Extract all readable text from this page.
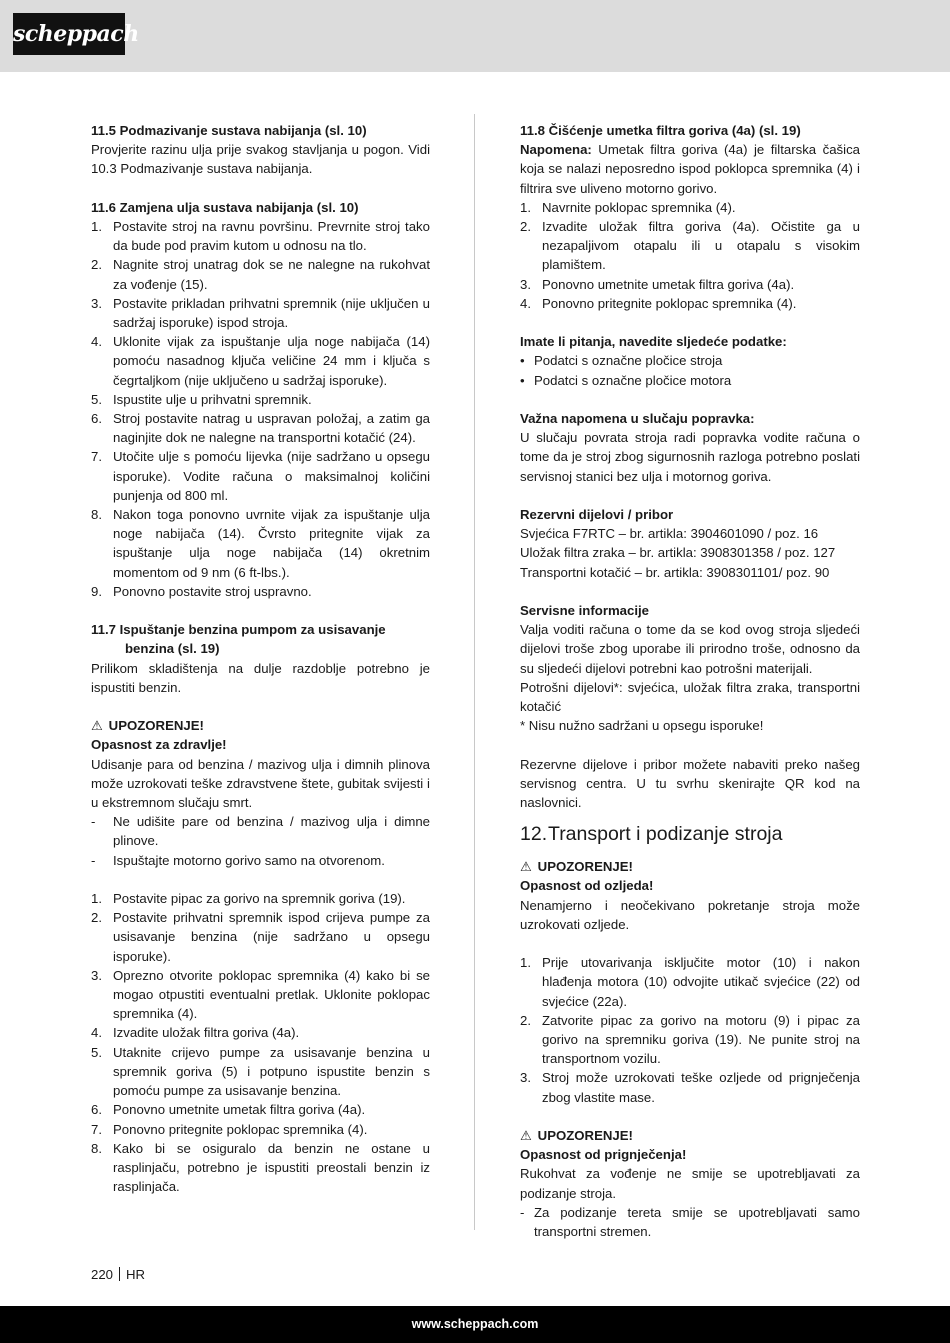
scheppach
11.5 Podmazivanje sustava nabijanja (sl. 10)
Provjerite razinu ulja prije svakog stavljanja u pogon. Vidi 10.3 Podmazivanje sustava nabijanja.
11.6 Zamjena ulja sustava nabijanja (sl. 10)
1. Postavite stroj na ravnu površinu. Prevrnite stroj tako da bude pod pravim kutom u odnosu na tlo.
2. Nagnite stroj unatrag dok se ne nalegne na rukohvat za vođenje (15).
3. Postavite prikladan prihvatni spremnik (nije uključen u sadržaj isporuke) ispod stroja.
4. Uklonite vijak za ispuštanje ulja noge nabijača (14) pomoću nasadnog ključa veličine 24 mm i ključa s čegrtaljkom (nije uključeno u sadržaj isporuke).
5. Ispustite ulje u prihvatni spremnik.
6. Stroj postavite natrag u uspravan položaj, a zatim ga naginjite dok ne nalegne na transportni kotačić (24).
7. Utočite ulje s pomoću lijevka (nije sadržano u opsegu isporuke). Vodite računa o maksimalnoj količini punjenja od 800 ml.
8. Nakon toga ponovno uvrnite vijak za ispuštanje ulja noge nabijača (14). Čvrsto pritegnite vijak za ispuštanje ulja noge nabijača (14) okretnim momentom od 9 nm (6 ft-lbs.).
9. Ponovno postavite stroj uspravno.
11.7 Ispuštanje benzina pumpom za usisavanje
benzina (sl. 19)
Prilikom skladištenja na dulje razdoblje potrebno je ispustiti benzin.
⚠ UPOZORENJE!
Opasnost za zdravlje!
Udisanje para od benzina / mazivog ulja i dimnih plinova može uzrokovati teške zdravstvene štete, gubitak svijesti i u ekstremnom slučaju smrt.
- Ne udišite pare od benzina / mazivog ulja i dimne plinove.
- Ispuštajte motorno gorivo samo na otvorenom.
1. Postavite pipac za gorivo na spremnik goriva (19).
2. Postavite prihvatni spremnik ispod crijeva pumpe za usisavanje benzina (nije sadržano u opsegu isporuke).
3. Oprezno otvorite poklopac spremnika (4) kako bi se mogao otpustiti eventualni pretlak. Uklonite poklopac spremnika (4).
4. Izvadite uložak filtra goriva (4a).
5. Utaknite crijevo pumpe za usisavanje benzina u spremnik goriva (5) i potpuno ispustite benzin s pomoću pumpe za usisavanje benzina.
6. Ponovno umetnite umetak filtra goriva (4a).
7. Ponovno pritegnite poklopac spremnika (4).
8. Kako bi se osiguralo da benzin ne ostane u rasplinjaču, potrebno je ispustiti preostali benzin iz rasplinjača.
11.8 Čišćenje umetka filtra goriva (4a) (sl. 19)
Napomena: Umetak filtra goriva (4a) je filtarska čašica koja se nalazi neposredno ispod poklopca spremnika (4) i filtrira sve uliveno motorno gorivo.
1. Navrnite poklopac spremnika (4).
2. Izvadite uložak filtra goriva (4a). Očistite ga u nezapaljivom otapalu ili u otapalu s visokim plamištem.
3. Ponovno umetnite umetak filtra goriva (4a).
4. Ponovno pritegnite poklopac spremnika (4).
Imate li pitanja, navedite sljedeće podatke:
• Podatci s označne pločice stroja
• Podatci s označne pločice motora
Važna napomena u slučaju popravka:
U slučaju povrata stroja radi popravka vodite računa o tome da je stroj zbog sigurnosnih razloga potrebno poslati servisnoj stanici bez ulja i motornog goriva.
Rezervni dijelovi / pribor
Svjećica F7RTC – br. artikla: 3904601090 / poz. 16
Uložak filtra zraka – br. artikla: 3908301358 / poz. 127
Transportni kotačić – br. artikla: 3908301101/ poz. 90
Servisne informacije
Valja voditi računa o tome da se kod ovog stroja sljedeći dijelovi troše zbog uporabe ili prirodno troše, odnosno da su sljedeći dijelovi potrebni kao potrošni materijali.
Potrošni dijelovi*: svjećica, uložak filtra zraka, transportni kotačić
* Nisu nužno sadržani u opsegu isporuke!
Rezervne dijelove i pribor možete nabaviti preko našeg servisnog centra. U tu svrhu skenirajte QR kod na naslovnici.
12.Transport i podizanje stroja
⚠ UPOZORENJE!
Opasnost od ozljeda!
Nenamjerno i neočekivano pokretanje stroja može uzrokovati ozljede.
1. Prije utovarivanja isključite motor (10) i nakon hlađenja motora (10) odvojite utikač svjećice (22) od svjećice (22a).
2. Zatvorite pipac za gorivo na motoru (9) i pipac za gorivo na spremniku goriva (19). Ne punite stroj na transportnom vozilu.
3. Stroj može uzrokovati teške ozljede od prignječenja zbog vlastite mase.
⚠ UPOZORENJE!
Opasnost od prignječenja!
Rukohvat za vođenje ne smije se upotrebljavati za podizanje stroja.
- Za podizanje tereta smije se upotrebljavati samo transportni stremen.
220 HR
www.scheppach.com
